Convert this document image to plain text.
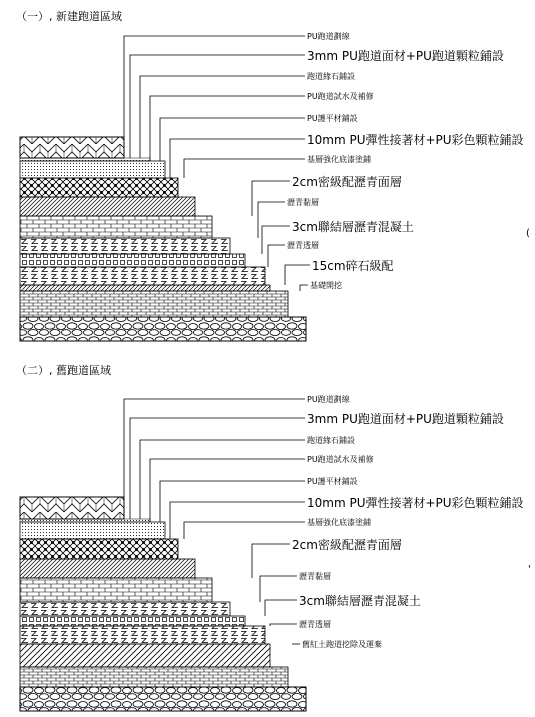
（一）, 新建跑道區域
PU跑道劃線
3mm PU跑道面材+PU跑道顆粒鋪設
跑道緣石鋪設
PU跑道試水及補修
PU護平材鋪設
10mm PU彈性接著材+PU彩色顆粒鋪設
基層強化底漆塗鋪
2cm密級配瀝青面層
瀝青黏層
3cm聯結層瀝青混凝土
瀝青透層
15cm碎石級配
基礎開挖
(
（二）, 舊跑道區域
PU跑道劃線
3mm PU跑道面材+PU跑道顆粒鋪設
跑道緣石鋪設
PU跑道試水及補修
PU護平材鋪設
10mm PU彈性接著材+PU彩色顆粒鋪設
基層強化底漆塗鋪
2cm密級配瀝青面層
瀝青黏層
3cm聯結層瀝青混凝土
瀝青透層
舊紅土跑道挖除及運棄
'
